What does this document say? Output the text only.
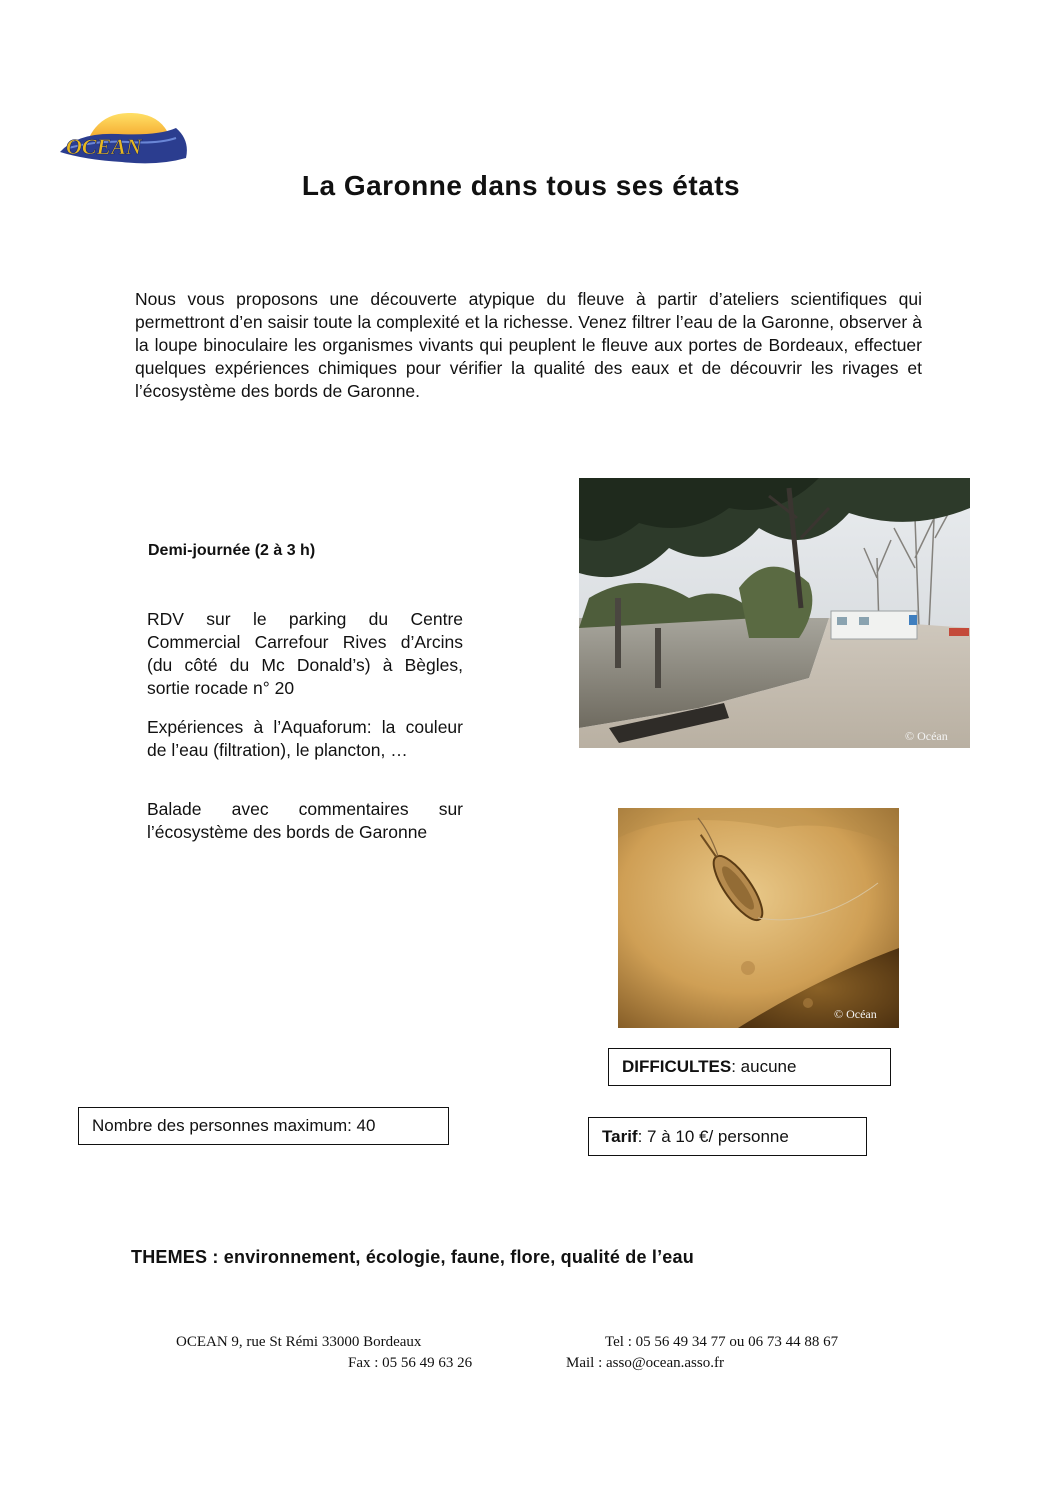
OCEAN
La Garonne dans tous ses états

Nous vous proposons une découverte atypique du fleuve à partir d’ateliers scientifiques qui permettront d’en saisir toute la complexité et la richesse. Venez filtrer l’eau de la Garonne, observer à la loupe binoculaire les organismes vivants qui peuplent le fleuve aux portes de Bordeaux, effectuer quelques expériences chimiques pour vérifier la qualité des eaux et de découvrir les rivages et l’écosystème des bords de Garonne.

Demi-journée (2 à 3 h)

RDV sur le parking du Centre Commercial Carrefour Rives d’Arcins (du côté du Mc Donald’s) à Bègles, sortie rocade n° 20

Expériences à l’Aquaforum: la couleur de l’eau (filtration), le plancton, …

Balade avec commentaires sur l’écosystème des bords de Garonne

© Océan
© Océan
DIFFICULTES : aucune
Nombre des personnes maximum: 40
Tarif : 7 à 10 €/ personne
THEMES : environnement, écologie, faune, flore, qualité de l’eau
OCEAN 9, rue St Rémi 33000 Bordeaux	Tel : 05 56 49 34 77 ou 06 73 44 88 67
Fax : 05 56 49 63 26	Mail : asso@ocean.asso.fr
